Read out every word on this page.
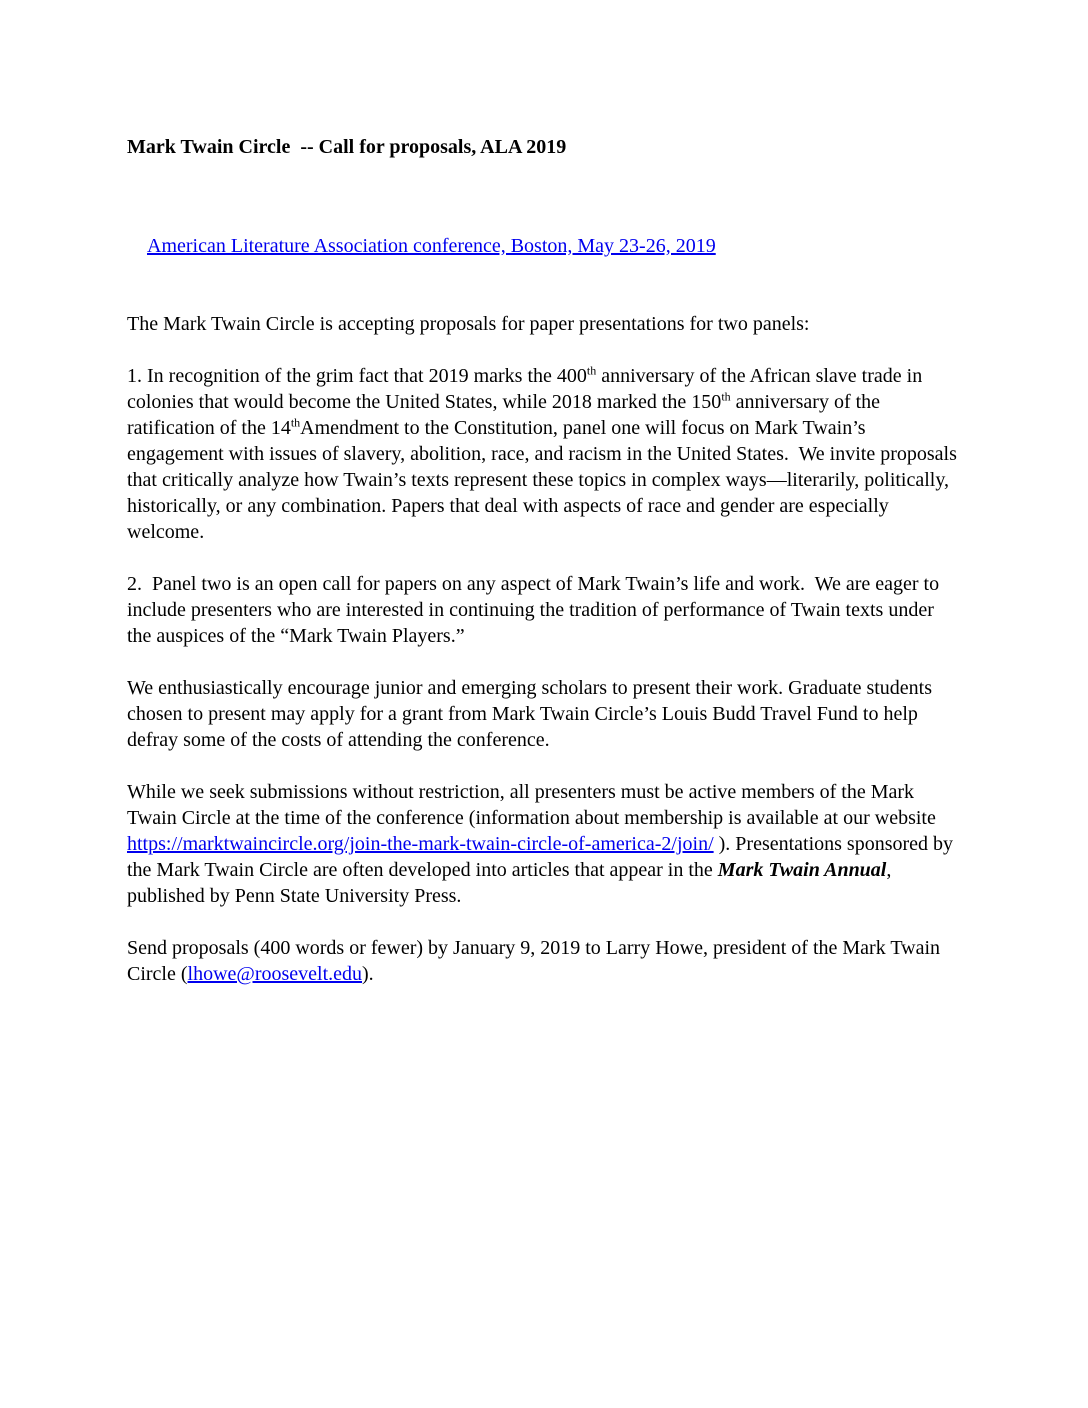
Mark Twain Circle  -- Call for proposals, ALA 2019

American Literature Association conference, Boston, May 23-26, 2019

The Mark Twain Circle is accepting proposals for paper presentations for two panels:

1. In recognition of the grim fact that 2019 marks the 400th anniversary of the African slave trade in colonies that would become the United States, while 2018 marked the 150th anniversary of the ratification of the 14thAmendment to the Constitution, panel one will focus on Mark Twain’s engagement with issues of slavery, abolition, race, and racism in the United States.  We invite proposals that critically analyze how Twain’s texts represent these topics in complex ways—literarily, politically, historically, or any combination. Papers that deal with aspects of race and gender are especially welcome.

2.  Panel two is an open call for papers on any aspect of Mark Twain’s life and work.  We are eager to include presenters who are interested in continuing the tradition of performance of Twain texts under the auspices of the “Mark Twain Players.”

We enthusiastically encourage junior and emerging scholars to present their work. Graduate students chosen to present may apply for a grant from Mark Twain Circle’s Louis Budd Travel Fund to help defray some of the costs of attending the conference.

While we seek submissions without restriction, all presenters must be active members of the Mark Twain Circle at the time of the conference (information about membership is available at our website  https://marktwaincircle.org/join-the-mark-twain-circle-of-america-2/join/ ). Presentations sponsored by the Mark Twain Circle are often developed into articles that appear in the Mark Twain Annual, published by Penn State University Press.

Send proposals (400 words or fewer) by January 9, 2019 to Larry Howe, president of the Mark Twain Circle (lhowe@roosevelt.edu).
